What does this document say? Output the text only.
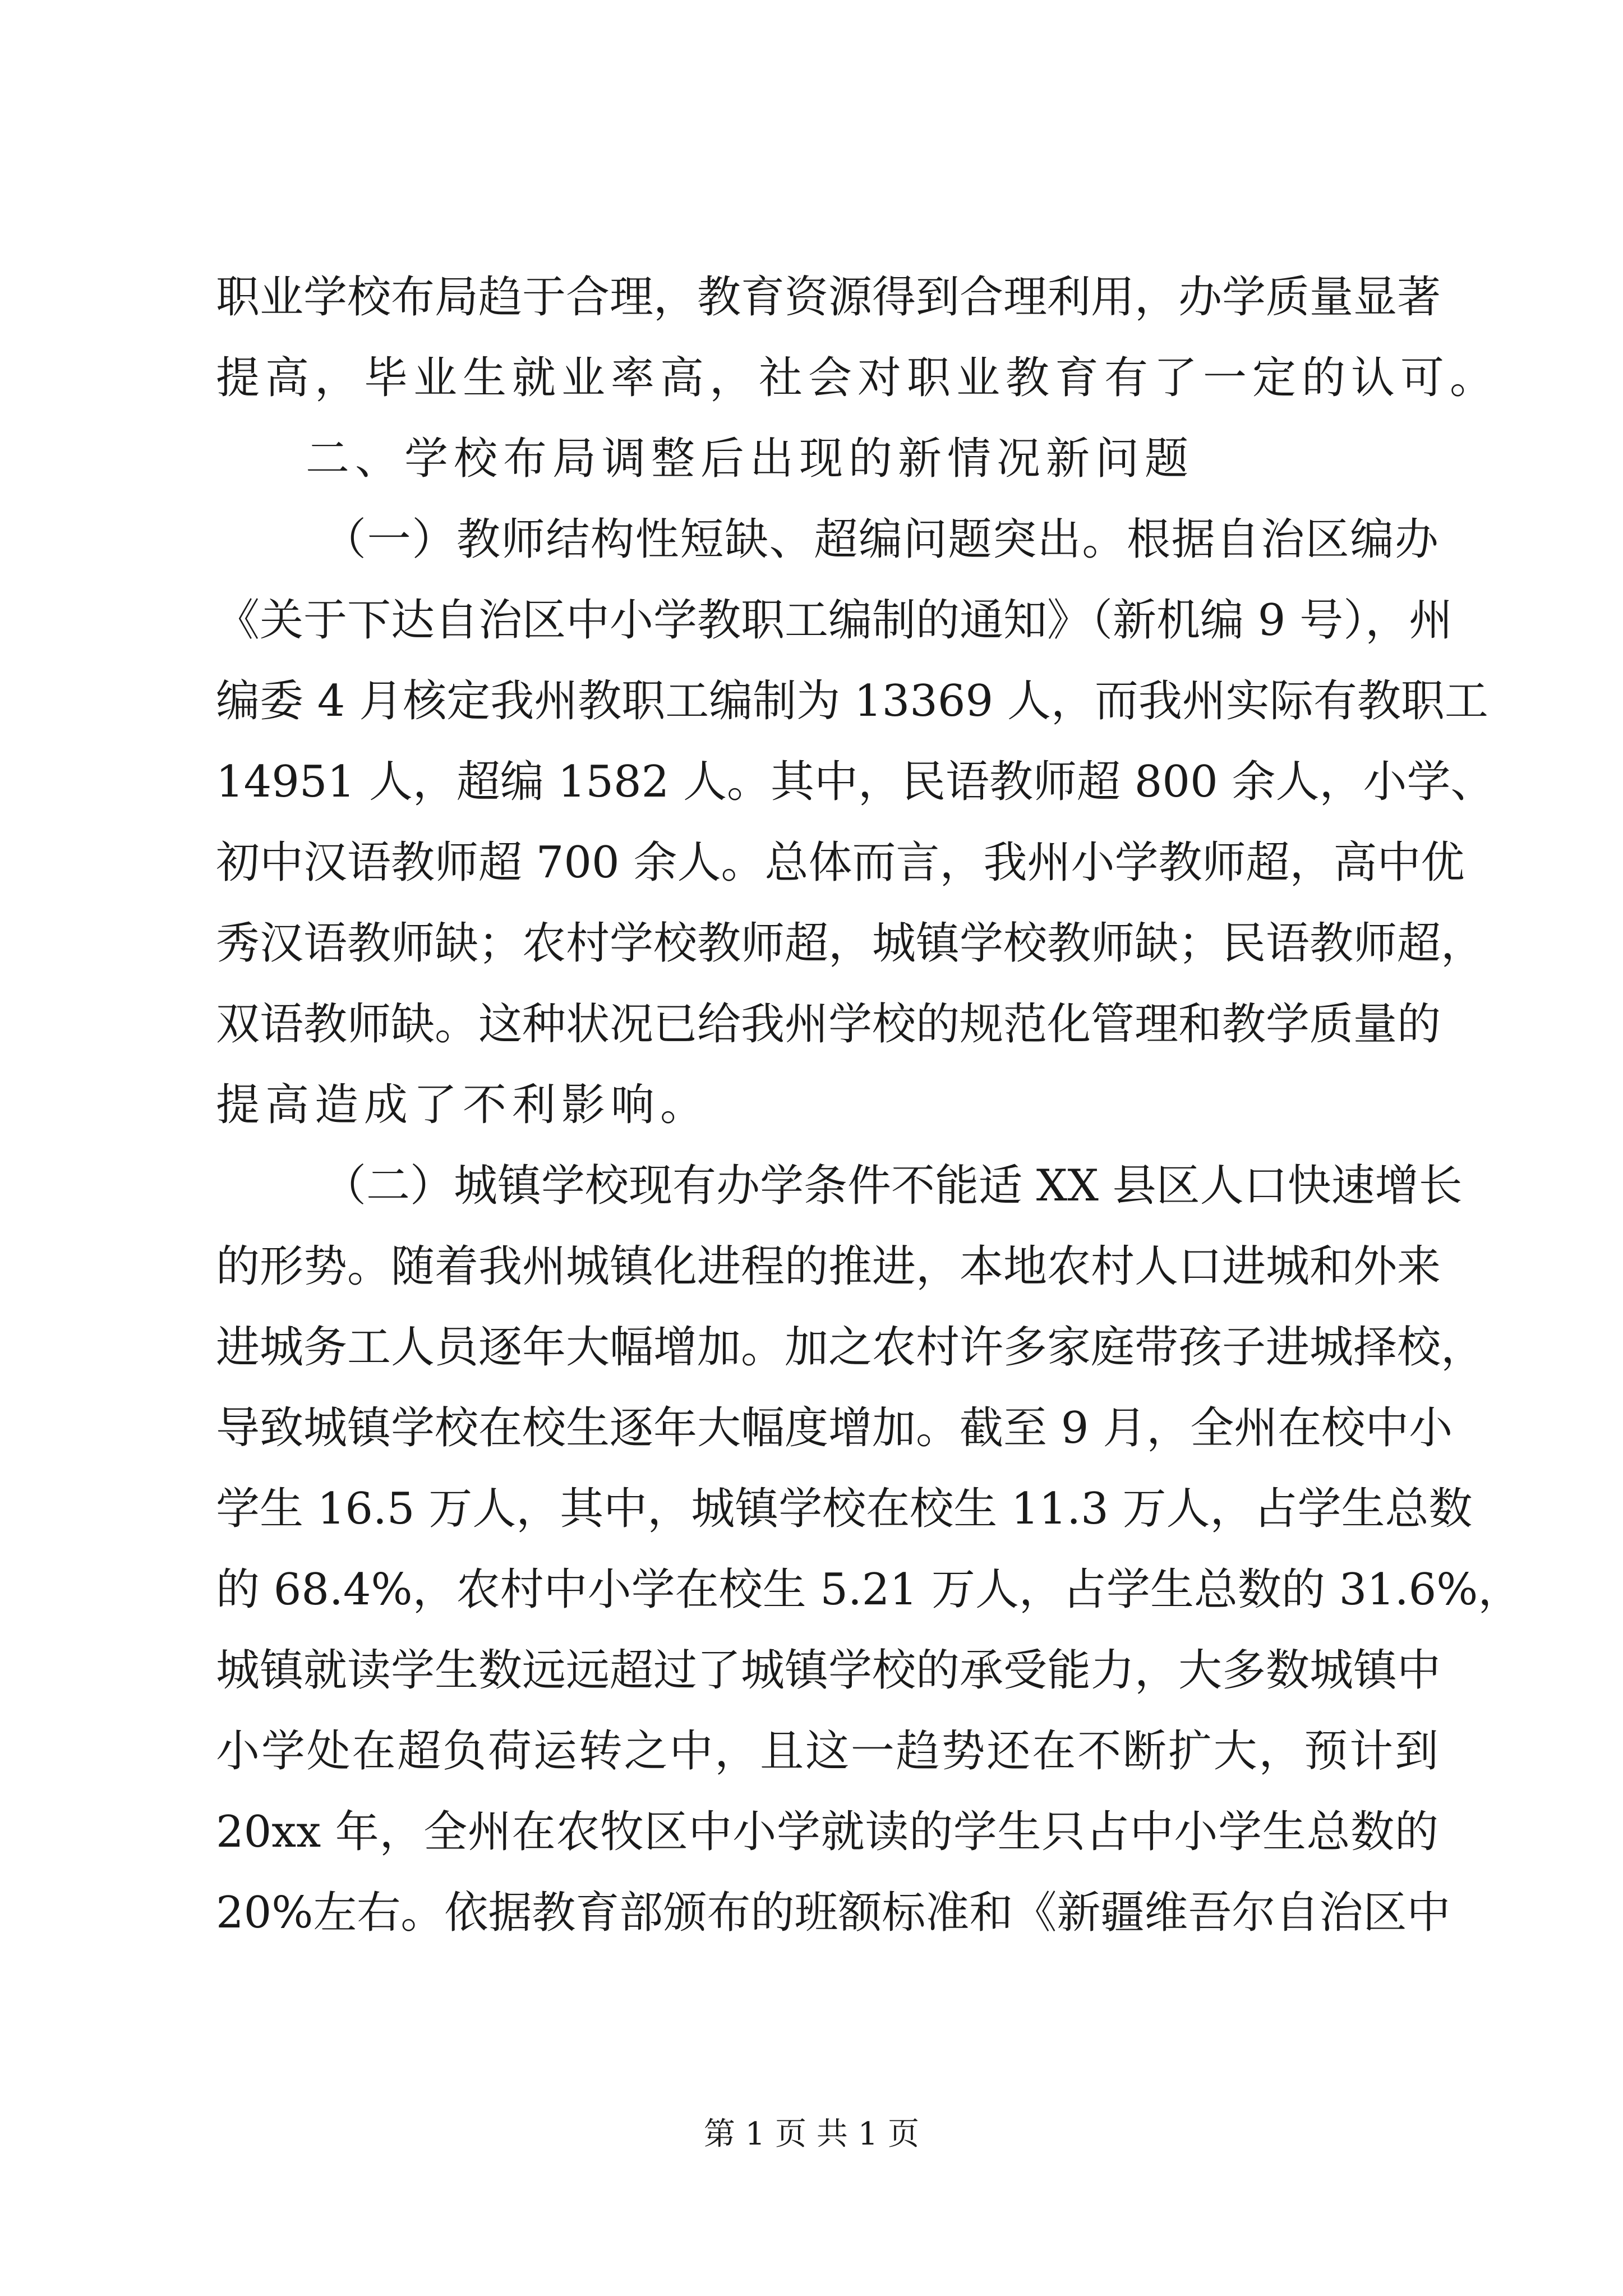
职业学校布局趋于合理，教育资源得到合理利用，办学质量显著
提高，毕业生就业率高，社会对职业教育有了一定的认可。
二、学校布局调整后出现的新情况新问题
（一）教师结构性短缺、超编问题突出。根据自治区编办
《关于下达自治区中小学教职工编制的通知》（新机编 9 号），州
编委 4 月核定我州教职工编制为 13369 人，而我州实际有教职工
14951 人，超编 1582 人。其中，民语教师超 800 余人，小学、
初中汉语教师超 700 余人。总体而言，我州小学教师超，高中优
秀汉语教师缺；农村学校教师超，城镇学校教师缺；民语教师超，
双语教师缺。这种状况已给我州学校的规范化管理和教学质量的
提高造成了不利影响。
（二）城镇学校现有办学条件不能适 XX 县区人口快速增长
的形势。随着我州城镇化进程的推进，本地农村人口进城和外来
进城务工人员逐年大幅增加。加之农村许多家庭带孩子进城择校，
导致城镇学校在校生逐年大幅度增加。截至 9 月，全州在校中小
学生 16.5 万人，其中，城镇学校在校生 11.3 万人，占学生总数
的 68.4%，农村中小学在校生 5.21 万人，占学生总数的 31.6%，
城镇就读学生数远远超过了城镇学校的承受能力，大多数城镇中
小学处在超负荷运转之中，且这一趋势还在不断扩大，预计到
20xx 年，全州在农牧区中小学就读的学生只占中小学生总数的
20%左右。依据教育部颁布的班额标准和《新疆维吾尔自治区中
第 1 页 共 1 页
